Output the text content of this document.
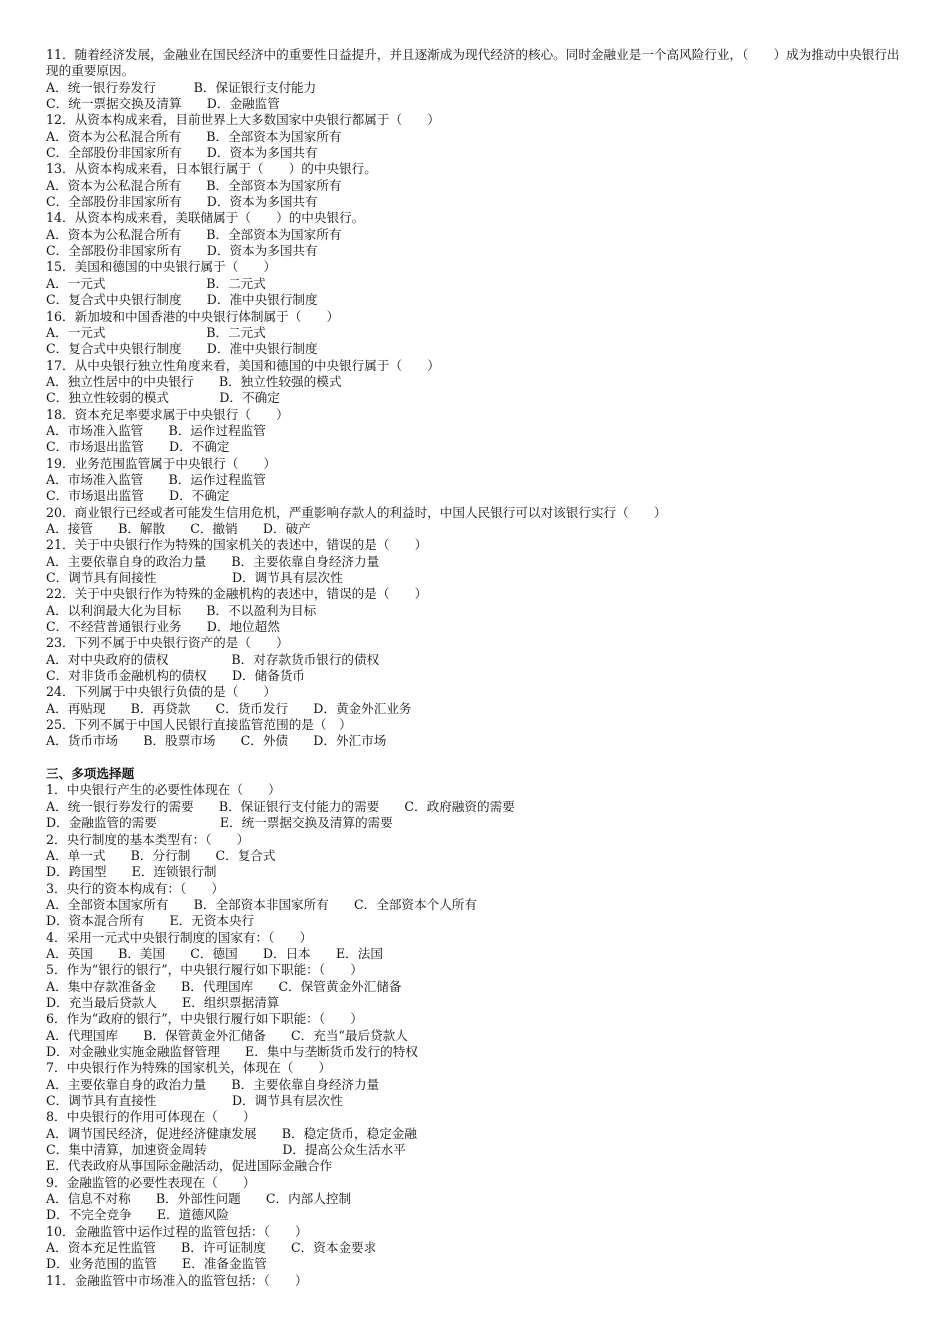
11．随着经济发展，金融业在国民经济中的重要性日益提升，并且逐渐成为现代经济的核心。同时金融业是一个高风险行业，（　　）成为推动中央银行出现的重要原因。
A．统一银行券发行　　　B．保证银行支付能力
C．统一票据交换及清算　　D．金融监管
12．从资本构成来看，目前世界上大多数国家中央银行都属于（　　）
A．资本为公私混合所有　　B．全部资本为国家所有
C．全部股份非国家所有　　D．资本为多国共有
13．从资本构成来看，日本银行属于（　　）的中央银行。
A．资本为公私混合所有　　B．全部资本为国家所有
C．全部股份非国家所有　　D．资本为多国共有
14．从资本构成来看，美联储属于（　　）的中央银行。
A．资本为公私混合所有　　B．全部资本为国家所有
C．全部股份非国家所有　　D．资本为多国共有
15．美国和德国的中央银行属于（　　）
A．一元式　　　　　　　　B．二元式
C．复合式中央银行制度　　D．准中央银行制度
16．新加坡和中国香港的中央银行体制属于（　　）
A．一元式　　　　　　　　B．二元式
C．复合式中央银行制度　　D．准中央银行制度
17．从中央银行独立性角度来看，美国和德国的中央银行属于（　　）
A．独立性居中的中央银行　　B．独立性较强的模式
C．独立性较弱的模式　　　　D．不确定
18．资本充足率要求属于中央银行（　　）
A．市场准入监管　　B．运作过程监管
C．市场退出监管　　D．不确定
19．业务范围监管属于中央银行（　　）
A．市场准入监管　　B．运作过程监管
C．市场退出监管　　D．不确定
20．商业银行已经或者可能发生信用危机，严重影响存款人的利益时，中国人民银行可以对该银行实行（　　）
A．接管　　B．解散　　C．撤销　　D．破产
21．关于中央银行作为特殊的国家机关的表述中，错误的是（　　）
A．主要依靠自身的政治力量　　B．主要依靠自身经济力量
C．调节具有间接性　　　　　　D．调节具有层次性
22．关于中央银行作为特殊的金融机构的表述中，错误的是（　　）
A．以利润最大化为目标　　B．不以盈利为目标
C．不经营普通银行业务　　D．地位超然
23．下列不属于中央银行资产的是（　　）
A．对中央政府的债权　　　　　B．对存款货币银行的债权
C．对非货币金融机构的债权　　D．储备货币
24．下列属于中央银行负债的是（　　）
A．再贴现　　B．再贷款　　C．货币发行　　D．黄金外汇业务
25．下列不属于中国人民银行直接监管范围的是（　）
A．货币市场　　B．股票市场　　C．外债　　D．外汇市场
三、多项选择题
1．中央银行产生的必要性体现在（　　）
A．统一银行券发行的需要　　B．保证银行支付能力的需要　　C．政府融资的需要
D．金融监管的需要　　　　　E．统一票据交换及清算的需要
2．央行制度的基本类型有：（　　）
A．单一式　　B．分行制　　C．复合式
D．跨国型　　E．连锁银行制
3．央行的资本构成有：（　　）
A．全部资本国家所有　　B．全部资本非国家所有　　C．全部资本个人所有
D．资本混合所有　　E．无资本央行
4．采用一元式中央银行制度的国家有：（　　）
A．英国　　B．美国　　C．德国　　D．日本　　E．法国
5．作为“银行的银行”，中央银行履行如下职能：（　　）
A．集中存款准备金　　B．代理国库　　C．保管黄金外汇储备
D．充当最后贷款人　　E．组织票据清算
6．作为“政府的银行”，中央银行履行如下职能：（　　）
A．代理国库　　B．保管黄金外汇储备　　C．充当“最后贷款人
D．对金融业实施金融监督管理　　E．集中与垄断货币发行的特权
7．中央银行作为特殊的国家机关，体现在（　　）
A．主要依靠自身的政治力量　　B．主要依靠自身经济力量
C．调节具有直接性　　　　　　D．调节具有层次性
8．中央银行的作用可体现在（　　）
A．调节国民经济，促进经济健康发展　　B．稳定货币，稳定金融
C．集中清算，加速资金周转　　　　　　D．提高公众生活水平
E．代表政府从事国际金融活动，促进国际金融合作
9．金融监管的必要性表现在（　　）
A．信息不对称　　B．外部性问题　　C．内部人控制
D．不完全竞争　　E．道德风险
10．金融监管中运作过程的监管包括：（　　）
A．资本充足性监管　　B．许可证制度　　C．资本金要求
D．业务范围的监管　　E．准备金监管
11．金融监管中市场准入的监管包括：（　　）
